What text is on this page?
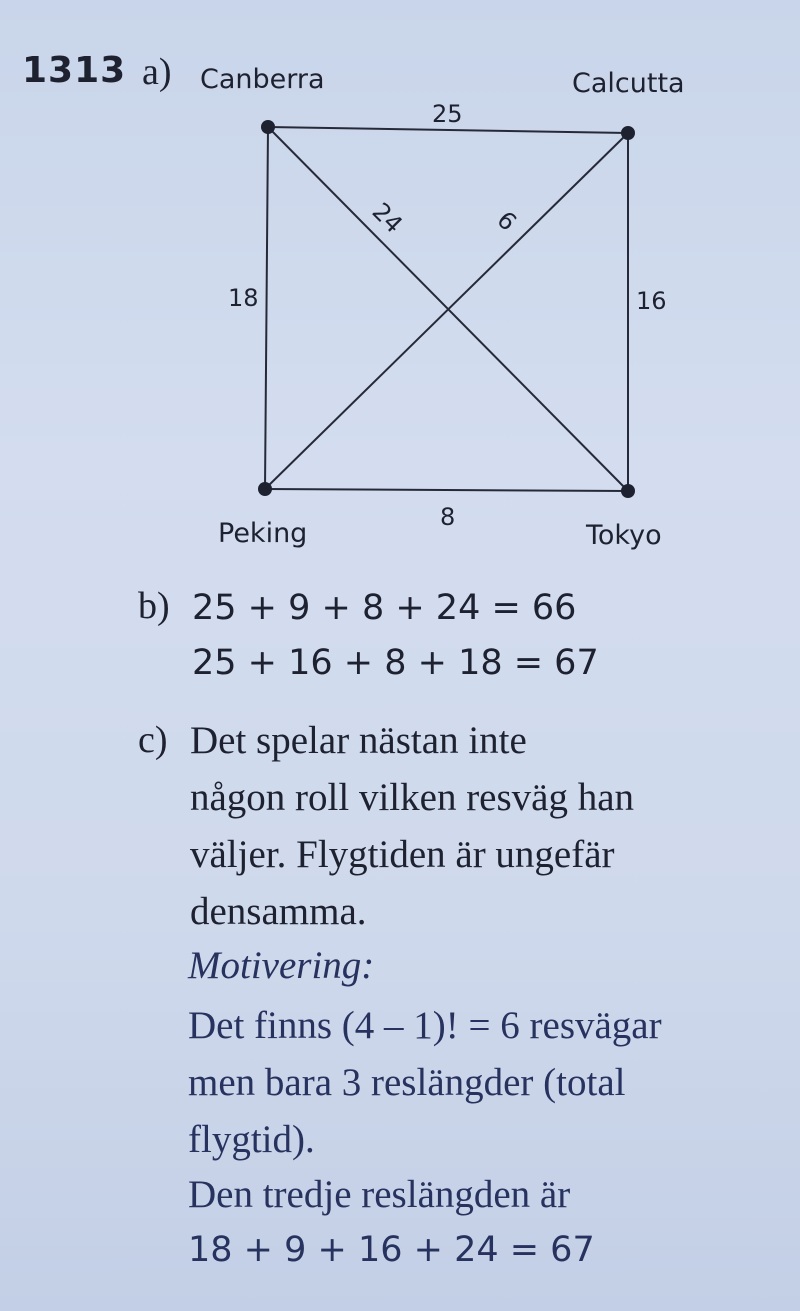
1313 a) Canberra	Calcutta
Peking	Tokyo
25
18	16
8
24	9
b) 25 + 9 + 8 + 24 = 66
25 + 16 + 8 + 18 = 67
c) Det spelar nästan inte
någon roll vilken resväg han
väljer. Flygtiden är ungefär
densamma.
Motivering:
Det finns (4 – 1)! = 6 resvägar
men bara 3 reslängder (total
flygtid).
Den tredje reslängden är
18 + 9 + 16 + 24 = 67
